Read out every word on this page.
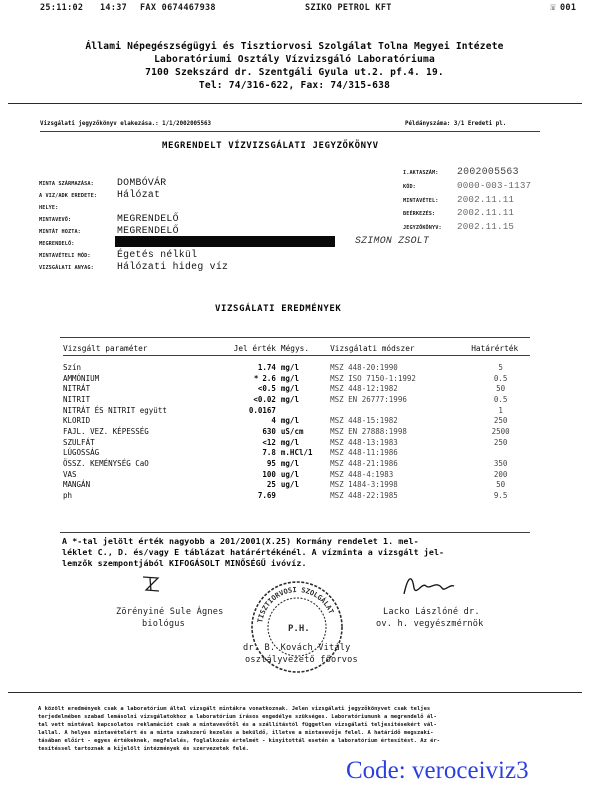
25:11:02 14:37 FAX 0674467938	SZIKO PETROL KFT	001
☏
Állami Népegészségügyi és Tisztiorvosi Szolgálat Tolna Megyei Intézete
Laboratóriumi Osztály Vízvizsgáló Laboratóriuma
7100 Szekszárd dr. Szentgáli Gyula ut.2. pf.4. 19.
Tel: 74/316-622, Fax: 74/315-638
Vizsgálati jegyzőkönyv elakezása.: 1/1/2002005563	Példányszáma: 3/1 Eredeti pl.
MEGRENDELT VÍZVIZSGÁLATI JEGYZŐKÖNYV
MINTA SZÁRMAZÁSA: DOMBÓVÁR
A VIZ/ADK EREDETE: Hálózat
HELYE:
MINTAVEVŐ:	MEGRENDELŐ
MINTÁT HOZTA:	MEGRENDELŐ
MEGRENDELŐ:	SZIMON ZSOLT
MINTAVÉTELI MÓD:	Égetés nélkül
VIZSGÁLATI ANYAG: Hálózati hideg víz
I.AKTASZÁM: 2002005563
KÓD:	0000-003-1137
MINTAVÉTEL: 2002.11.11
BEÉRKEZÉS: 2002.11.11
JEGYZŐKÖNYV: 2002.11.15
VIZSGÁLATI EREDMÉNYEK
Vizsgált paraméter	Jel érték	Mégys.	Vizsgálati módszer	Határérték

Szín	1.74	mg/l	MSZ 448-20:1990	5
AMMÓNIUM	* 2.6	mg/l	MSZ ISO 7150-1:1992	0.5
NITRÁT	<0.5	mg/l	MSZ 448-12:1982	50
NITRIT	<0.02	mg/l	MSZ EN 26777:1996	0.5
NITRÁT ÉS NITRIT együtt	0.0167			1
KLORID	4	mg/l	MSZ 448-15:1982	250
FAJL. VEZ. KÉPESSÉG	630	uS/cm	MSZ EN 27888:1998	2500
SZULFÁT	<12	mg/l	MSZ 448-13:1983	250
LÚGOSSÁG	7.8	m.HCl/1	MSZ 448-11:1986	
ÖSSZ. KEMÉNYSÉG CaO	95	mg/l	MSZ 448-21:1986	350
VAS	100	ug/l	MSZ 448-4:1983	200
MANGÁN	25	ug/l	MSZ 1484-3:1998	50
ph	7.69		MSZ 448-22:1985	9.5
A *-tal jelölt érték nagyobb a 201/2001(X.25) Kormány rendelet 1. mel-
léklet C., D. és/vagy E táblázat határértékénél. A vízminta a vizsgált jel-
lemzők szempontjából KIFOGÁSOLT MINŐSÉGŰ ivóvíz.
TISZTIORVOSI SZOLGÁLAT
P.H.
Zörényiné Sule Ágnes
biológus
Lacko Lászlóné dr.
ov. h. vegyészmérnök
dr. B. Kovách Vitály
osztályvezető főorvos
A közölt eredmények csak a laboratórium által vizsgált mintákra vonatkoznak. Jelen vizsgálati jegyzőkönyvet csak teljes
terjedelmében szabad lemásolni vizsgálatokhoz a laboratórium írásos engedélye szükséges. Laboratóriumunk a megrendelő ál-
tal vett mintával kapcsolatos reklamációt csak a mintavevőtől és a szállítástól független vizsgálati teljesítésekért vál-
lallal. A helyes mintavételért és a minta szakszerű kezelés a beküldő, illetve a mintavevője felel. A határidő megszakí-
tásában előírt - egyes értékeknek, megfelelés, foglalkozás értelmét - kinyitottál esetén a laboratórium értesítést. Az ér-
tesítéssel tartoznak a kijelölt intézmények és szervezetek felé.
Code: veroceiviz3
